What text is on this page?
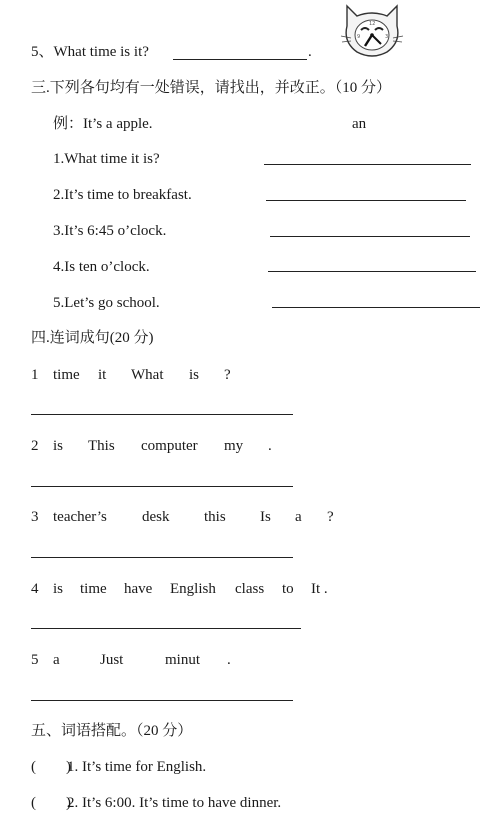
12
3
9
5、What time is it?	.
三.下列各句均有一处错误，请找出，并改正。（10 分）
例：It’s a apple.	an
1.What time it is?
2.It’s time to breakfast.
3.It’s 6:45 o’clock.
4.Is ten o’clock.
5.Let’s go school.
四.连词成句(20 分)
1 time it What is ?
2 is This computer my .
3 teacher’s desk this Is a ?
4 is time have English class to It .
5 a	Just	minut .
五、词语搭配。（20 分）
(        )
1. It’s time for English.
(        )
2. It’s 6:00. It’s time to have dinner.
